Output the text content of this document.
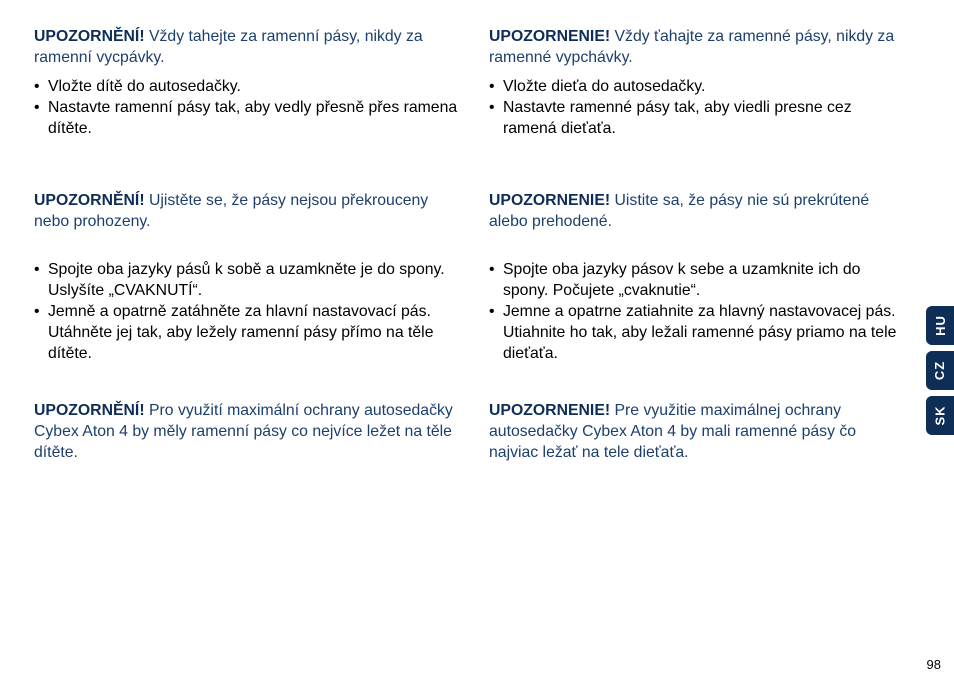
UPOZORNĚNÍ! Vždy tahejte za ramenní pásy, nikdy za ramenní vycpávky.

• Vložte dítě do autosedačky.
• Nastavte ramenní pásy tak, aby vedly přesně přes ramena dítěte.

UPOZORNĚNÍ! Ujistěte se, že pásy nejsou překrouceny nebo prohozeny.

• Spojte oba jazyky pásů k sobě a uzamkněte je do spony. Uslyšíte „CVAKNUTÍ“.
• Jemně a opatrně zatáhněte za hlavní nastavovací pás. Utáhněte jej tak, aby ležely ramenní pásy přímo na těle dítěte.

UPOZORNĚNÍ! Pro využití maximální ochrany autosedačky Cybex Aton 4 by měly ramenní pásy co nejvíce ležet na těle dítěte.

UPOZORNENIE! Vždy ťahajte za ramenné pásy, nikdy za ramenné vypchávky.

• Vložte dieťa do autosedačky.
• Nastavte ramenné pásy tak, aby viedli presne cez ramená dieťaťa.

UPOZORNENIE! Uistite sa, že pásy nie sú prekrútené alebo prehodené.

• Spojte oba jazyky pásov k sebe a uzamknite ich do spony. Počujete „cvaknutie“.
• Jemne a opatrne zatiahnite za hlavný nastavovacej pás. Utiahnite ho tak, aby ležali ramenné pásy priamo na tele dieťaťa.

UPOZORNENIE! Pre využitie maximálnej ochrany autosedačky Cybex Aton 4 by mali ramenné pásy čo najviac ležať na tele dieťaťa.

HU
CZ
SK
98
